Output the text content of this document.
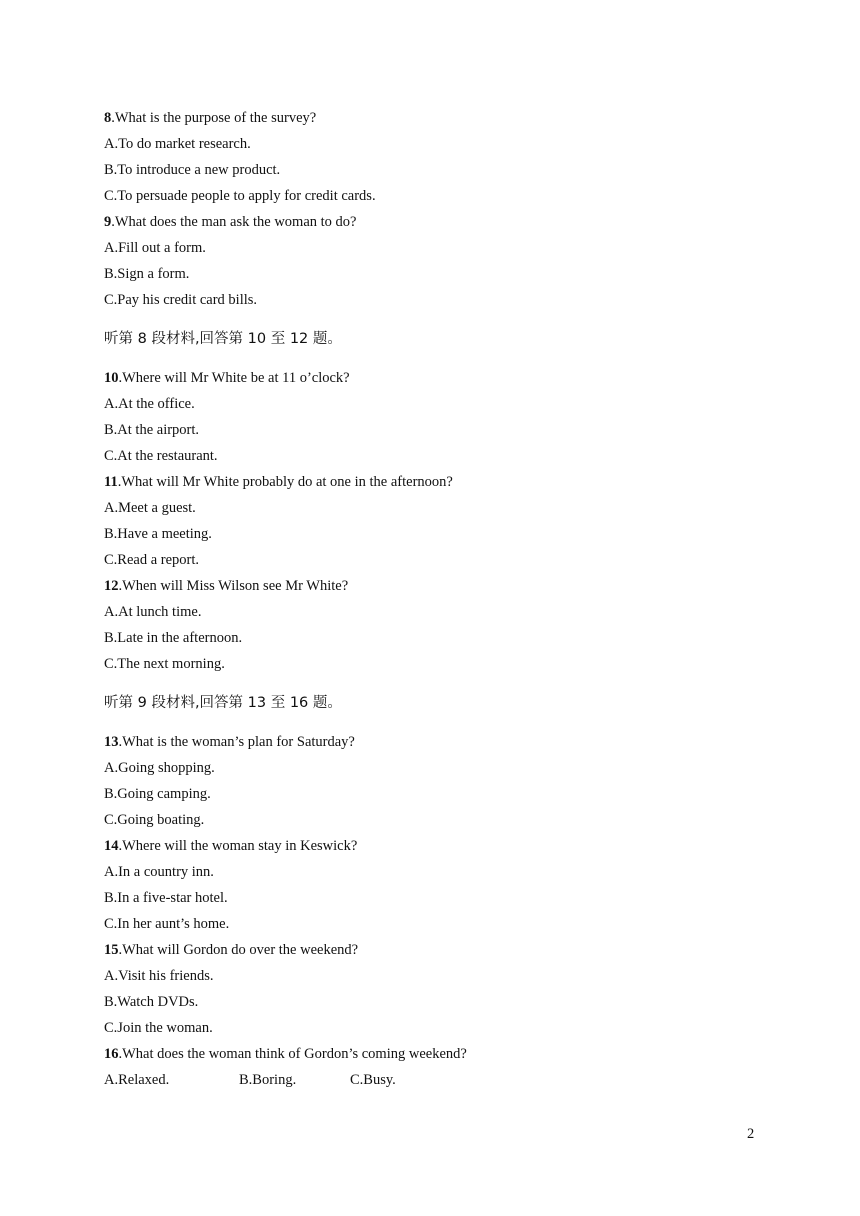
8.What is the purpose of the survey?
A.To do market research.
B.To introduce a new product.
C.To persuade people to apply for credit cards.
9.What does the man ask the woman to do?
A.Fill out a form.
B.Sign a form.
C.Pay his credit card bills.
听第 8 段材料,回答第 10 至 12 题。
10.Where will Mr White be at 11 o’clock?
A.At the office.
B.At the airport.
C.At the restaurant.
11.What will Mr White probably do at one in the afternoon?
A.Meet a guest.
B.Have a meeting.
C.Read a report.
12.When will Miss Wilson see Mr White?
A.At lunch time.
B.Late in the afternoon.
C.The next morning.
听第 9 段材料,回答第 13 至 16 题。
13.What is the woman’s plan for Saturday?
A.Going shopping.
B.Going camping.
C.Going boating.
14.Where will the woman stay in Keswick?
A.In a country inn.
B.In a five-star hotel.
C.In her aunt’s home.
15.What will Gordon do over the weekend?
A.Visit his friends.
B.Watch DVDs.
C.Join the woman.
16.What does the woman think of Gordon’s coming weekend?
A.Relaxed.	B.Boring.	C.Busy.
2
